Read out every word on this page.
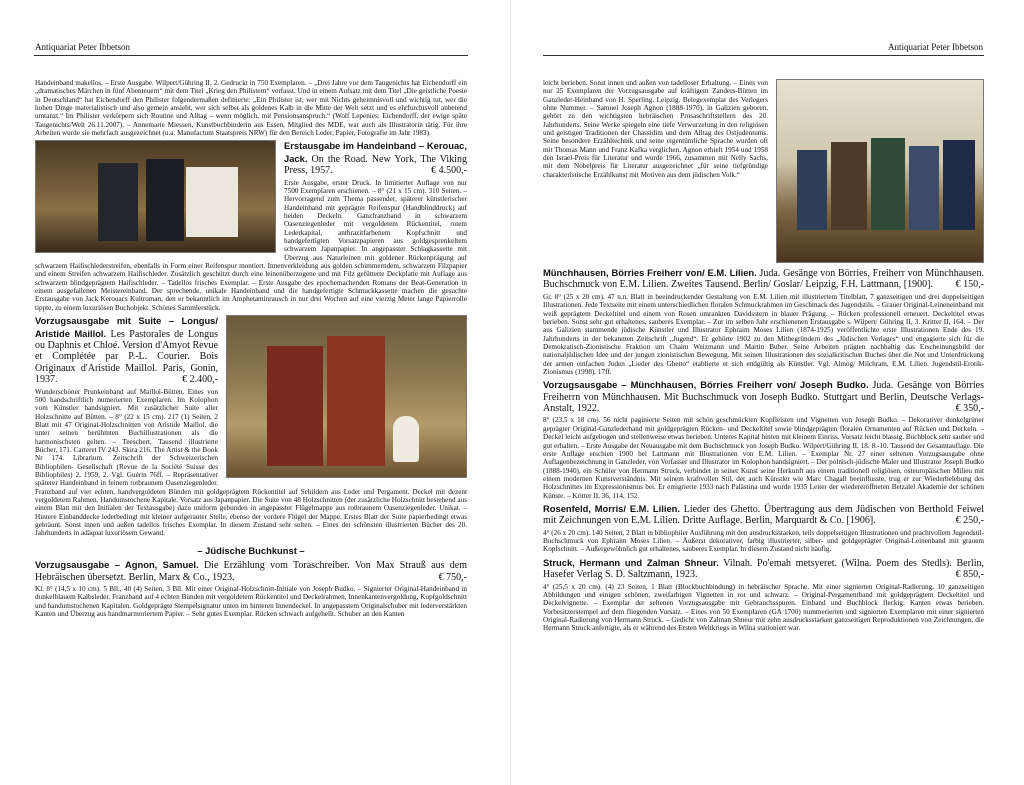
Antiquariat Peter Ibbetson

Handeinband makellos. – Erste Ausgabe. Wilpert/Gühring II, 2. Gedruckt in 750 Exemplaren. – „Drei Jahre vor dem Taugenichts hat Eichendorff ein „dramatisches Märchen in fünf Abenteuern“ mit dem Titel „Krieg den Philistern“ verfasst. Und in einem Aufsatz mit dem Titel „Die geistliche Poesie in Deutschland“ hat Eichendorff den Philister folgendermaßen definierte: „Ein Philister ist, wer mit Nichts geheimnisvoll und wichtig tut, wer die hohen Dinge materialistisch und also gemein ansieht, wer sich selbst als goldenes Kalb in die Mitte der Welt setzt und es ehrfurchtsvoll anbetend umtanzt.“ Im Philister verkörpern sich Routine und Alltag – wenn möglich, mit Pensionsanspruch.“ (Wolf Lepenies: Eichendorff, der ewige späte Taugenichts/Welt 26.11.2007). – Annemarie Miessen, Kunstbuchbinderin aus Essen, Mitglied des MDE, war auch als Illustratorin tätig. Für ihre Arbeiten wurde sie mehrfach ausgezeichnet (u.a. Manufactum Staatspreis NRW) für den Bereich Leder, Papier, Fotografie im Jahr 1983).

Erstausgabe im Handeinband – Kerouac, Jack. On the Road. New York, The Viking Press, 1957.	€ 4.500,-

Erste Ausgabe, erster Druck. In limitierter Auflage von nur 7500 Exemplaren erschienen. – 8° (21 x 15 cm). 310 Seiten. – Hervorragend zum Thema passender, späterer künstlerischer Handeinband mit geprägter Reifenspur (Handblinddruck) auf beiden Deckeln. Ganzfranzband in schwarzem Oasenziegenleder mit vergoldetem Rückentitel, rotem Lederkapital, anthrazitfarbenem Kopfschnitt und handgefertigten Vorsatzpapieren aus goldgesprenkeltem schwarzem Japanpapier. In angepasster Schlagkassette mit Überzug aus Naturleinen mit goldener Rückenprägung auf schwarzem Haifischlederstreifen, ebenfalls in Form einer Reifenspur montiert. Innenverkleidung aus golden schimmerndem, schwarzem Filzpapier und einem Streifen schwarzem Haifischleder. Zusätzlich geschützt durch eine leinenüberzogene und mit Filz gefütterte Deckplatte mit Auflage aus schwarzem blindgeprägtem Haifischleder. – Tadellos frisches Exemplar. – Erste Ausgabe des epochemachenden Romans der Beat-Generation in einem ausgefallenen Meistereinband. Der sprechende, unikale Handeinband und die handgefertigte Schmuckkassette machen die gesuchte Erstausgabe von Jack Kerouacs Kultroman, den er bekanntlich im Amphetaminrausch in nur drei Wochen auf eine vierzig Meter lange Papierrolle tippte, zu einem luxuriösen Buchobjekt. Schönes Sammlerstück.

Vorzugsausgabe mit Suite – Longus/ Aristide Maillol. Les Pastorales de Longus ou Daphnis et Chloé. Version d'Amyot Revue et Complétée par P.-L. Courier. Bois Originaux d'Aristide Maillol. Paris, Gonin, 1937.	€ 2.400,-

Wunderschöner Prunkeinband auf Maillol-Bütten. Eines von 500 handschriftlich numerierten Exemplaren. Im Kolophon vom Künstler handsigniert. Mit zusätzlicher Suite aller Holzschnitte auf Bütten. – 8° (22 x 15 cm). 217 (1) Seiten, 2 Blatt mit 47 Original-Holzschnitten von Aristide Maillol, die unter seinen berühmten Buchillustrationen als die harmonischsten gelten. – Teeschert, Tausend illustrierte Bücher, 171. Carteret IV 243. Skira 216. The Artist & the Book Nr 174. Librarium. Zeitschrift der Schweizerischen Bibliophilen- Gesellschaft (Revue de la Société Suisse des Bibliophiles) 2, 1959, 2. Vgl. Guérin 76ff. – Repräsentativer späterer Handeinband in feinem rotbraunem Oasenziegenleder. Franzband auf vier echten, handvergoldeten Bünden mit goldgeprägtem Rückentitel auf Schildern aus Leder und Pergament. Deckel mit dezent vergoldetem Rahmen. Handumstochene Kapitale. Vorsatz aus Japanpapier. Die Suite von 48 Holzschnitten (der zusätzliche Holzschnitt bestehend aus einem Blatt mit den Initialen der Textausgabe) dazu uniform gebunden in angepasster Flügelmappe aus rotbraunem Oasenziegenleder. Unikat. – Hintere Einbanddecke lederbedingt mit kleiner aufgerauter Stelle, ebenso der vordere Flügel der Mappe. Erstes Blatt der Suite papierbedingt etwas gebräunt. Sonst innen und außen tadellos frisches Exemplar. In diesem Zustand sehr selten. – Eines der schönsten illustrierten Bücher des 20. Jahrhunderts in adäquat luxuriösem Gewand.

– Jüdische Buchkunst –
Vorzugsausgabe – Agnon, Samuel. Die Erzählung vom Toraschreiber. Von Max Strauß aus dem Hebräischen übersetzt. Berlin, Marx & Co., 1923.	€ 750,-

Kl. 8° (14,5 x 10 cm). 5 Bll., 40 (4) Seiten, 3 Bll. Mit einer Original-Holzschnitt-Initiale von Joseph Budko. – Signierter Original-Handeinband in dunkelblauem Kalbsleder. Franzband auf 4 echten Bünden mit vergoldetem Rückentitel und Deckelrahmen, Innenkantenvergoldung, Kopfgoldschnitt und handumstochenen Kapitalen. Goldgeprägte Stempelsignatur unten im hinteren Innendeckel. In angepasstem Originalschuber mit lederverstärkten Kanten und Überzug aus handmarmoriertem Papier. – Sehr gutes Exemplar. Rücken schwach aufgehellt. Schuber an den Kanten

Antiquariat Peter Ibbetson

leicht berieben. Sonst innen und außen von tadelloser Erhaltung. – Eines von nur 25 Exemplaren der Vorzugsausgabe auf kräftigem Zanders-Bütten im Ganzleder-Heinband von H. Sperling, Leipzig. Belegexemplar des Verlegers ohne Nummer. – Samuel Joseph Agnon (1888-1970), in Galizien geboren, gehört zu den wichtigsten hebräischen Prosaschriftstellern des 20. Jahrhunderts. Seine Werke spiegeln eine tiefe Verwurzelung in den religiösen und geistigen Traditionen der Chassidim und dem Alltag des Ostjudentums. Seine besondere Erzähltechnik und seine eigentümliche Sprache wurden oft mit Thomas Mann und Franz Kafka verglichen. Agnon erhielt 1954 und 1958 den Israel-Preis für Literatur und wurde 1966, zusammen mit Nelly Sachs, mit dem Nobelpreis für Literatur ausgezeichnet „für seine tiefgründige charakteristische Erzählkunst mit Motiven aus dem jüdischen Volk.“

Münchhausen, Börries Freiherr von/ E.M. Lilien. Juda. Gesänge von Börries, Freiherr von Münchhausen. Buchschmuck von E.M. Lilien. Zweites Tausend. Berlin/ Goslar/ Leipzig, F.H. Lattmann, [1900]. € 150,-

Gr. 8° (25 x 20 cm). 47 n.n. Blatt in beeindruckender Gestaltung von E.M. Lilien mit illustriertem Titelblatt, 7 ganzseitigen und drei doppelseitigen Illustrationen. Jede Textseite mit einem unterschiedlichen floralen Schmuckrahmen im Geschmack des Jugendstils. – Grauer Original-Leineneinband mit weiß geprägtem Deckeltitel und einem von Rosen umrankten Davidsstern in blauer Prägung. – Rücken professionell erneuert. Deckeltitel etwas berieben. Sonst sehr gut erhaltenes, sauberes Exemplar. – Zur im selben Jahr erschienenen Erstausgabe s. Wilpert/ Gühring II, 3. Kritter II, 164. – Der aus Galizien stammende jüdische Künstler und Illustrator Ephraim Moses Lilien (1874-1925) veröffentlichte erste Illustrationen Ende des 19. Jahrhunderts in der bekannten Zeitschrift „Jugend“. Er gehörte 1902 zu den Mitbegründern des „Jüdischen Verlages“ und engagierte sich für die Demokratisch-Zionistische Fraktion um Chaim Weizmann und Martin Buber. Seine Arbeiten prägten nachhaltig das Erscheinungsbild der nationaljüdischen Idee und der jungen zionistischen Bewegung. Mit seinen Illustrationen des sozialkritischen Buches über die Not und Unterdrückung der armen einfachen Juden „Lieder des Ghetto“ etablierte er sich endgültig als Künstler. Vgl. Almog/ Milchram, E.M. Lilien. Jugendstil-Erotik-Zionismus (1998), 17ff.

Vorzugsausgabe – Münchhausen, Börries Freiherr von/ Joseph Budko. Juda. Gesänge von Börries Freiherrn von Münchhausen. Mit Buchschmuck von Joseph Budko. Stuttgart und Berlin, Deutsche Verlags-Anstalt, 1922.	€ 350,-

8° (23,5 x 18 cm). 56 nicht paginierte Seiten mit schön geschmückten Kopfleisten und Vignetten von Joseph Budko. – Dekorativer dunkelgrüner geprägter Original-Ganzlederband mit goldgeprägten Rücken- und Deckeltitel sowie blindgeprägten floralen Ornamenten auf Rücken und Deckeln. – Deckel leicht aufgebogen und stellenweise etwas berieben. Unteres Kapital hinten mit kleinem Einriss. Vorsatz leicht blassig. Buchblock sehr sauber und gut erhalten. – Erste Ausgabe der Neuausgabe mit dem Buchschmuck von Joseph Budko. Wilpert/Gühring II, 18. 8.-10. Tausend der Gesamtauflage. Die erste Auflage erschien 1900 bei Lattmann mit Illustrationen von E.M. Lilien. – Exemplar Nr. 27 einer seltenen Vorzugsausgabe ohne Auflagenbezeichnung in Ganzleder, von Verfasser und Illustrator im Kolophon handsigniert. – Der polnisch-jüdische Maler und Illustrator Joseph Budko (1888-1940), ein Schüler von Hermann Struck, verbindet in seiner Kunst seine Herkunft aus einem traditionell religiösen, osteuropäischen Milieu mit einem modernen Kunstverständnis. Mit seinem kraftvollen Stil, der auch Künstler wie Marc Chagall beeinflusste, trug er zur Wiederbelebung des Holzschnittes im Expressionismus bei. Er emigrierte 1933 nach Palästina und wurde 1935 Leiter der wiedereröffneten Betzalel Akademie der schönen Künste. – Kritter II, 36, 114, 152.

Rosenfeld, Morris/ E.M. Lilien. Lieder des Ghetto. Übertragung aus dem Jüdischen von Berthold Feiwel mit Zeichnungen von E.M. Lilien. Dritte Auflage. Berlin, Marquardt & Co. [1906].	€ 250,-

4° (26 x 20 cm). 140 Seiten, 2 Blatt in bibliophiler Ausführung mit den ausdrucksstarken, teils doppelseitigen Illustrationen und prachtvollem Jugendstil-Buchschmuck von Ephraim Moses Lilien. – Äußerst dekorativer, farbig illustrierter, silber- und goldgeprägter Original-Leinenband mit grauem Kopfschnitt. – Außergewöhnlich gut erhaltenes, sauberes Exemplar. In diesem Zustand nicht häufig.

Struck, Hermann und Zalman Shneur. Vilnah. Po'emah metsyeret. (Wilna. Poem des Stedls). Berlin, Hasefer Verlag S. D. Saltzmann, 1923.	€ 850,-

4° (25,5 x 20 cm). (4) 23 Seiten, 1 Blatt (Blockbuchbindung) in hebräischer Sprache. Mit einer signierten Original-Radierung, 10 ganzseitigen Abbildungen und einigen schönen, zweifarbigen Vignetten in rot und schwarz. – Original-Pergamentband mit goldgeprägtem Deckeltitel und Deckelvignette. – Exemplar der seltenen Vorzugsausgabe mit Gebrauchsspuren. Einband und Buchblock fleckig. Kanten etwas berieben. Vorbesitzerstempel auf dem fliegenden Vorsatz. – Eines von 50 Exemplaren (GA 1700) nummerierten und signierten Exemplaren mit einer signierten Original-Radierung von Hermann Struck. – Gedicht von Zalman Shneur mit zehn ausdrucksstarken ganzseitigen Reproduktionen von Zeichnungen, die Hermann Struck anfertigte, als er während des Ersten Weltkriegs in Wilna stationiert war.
